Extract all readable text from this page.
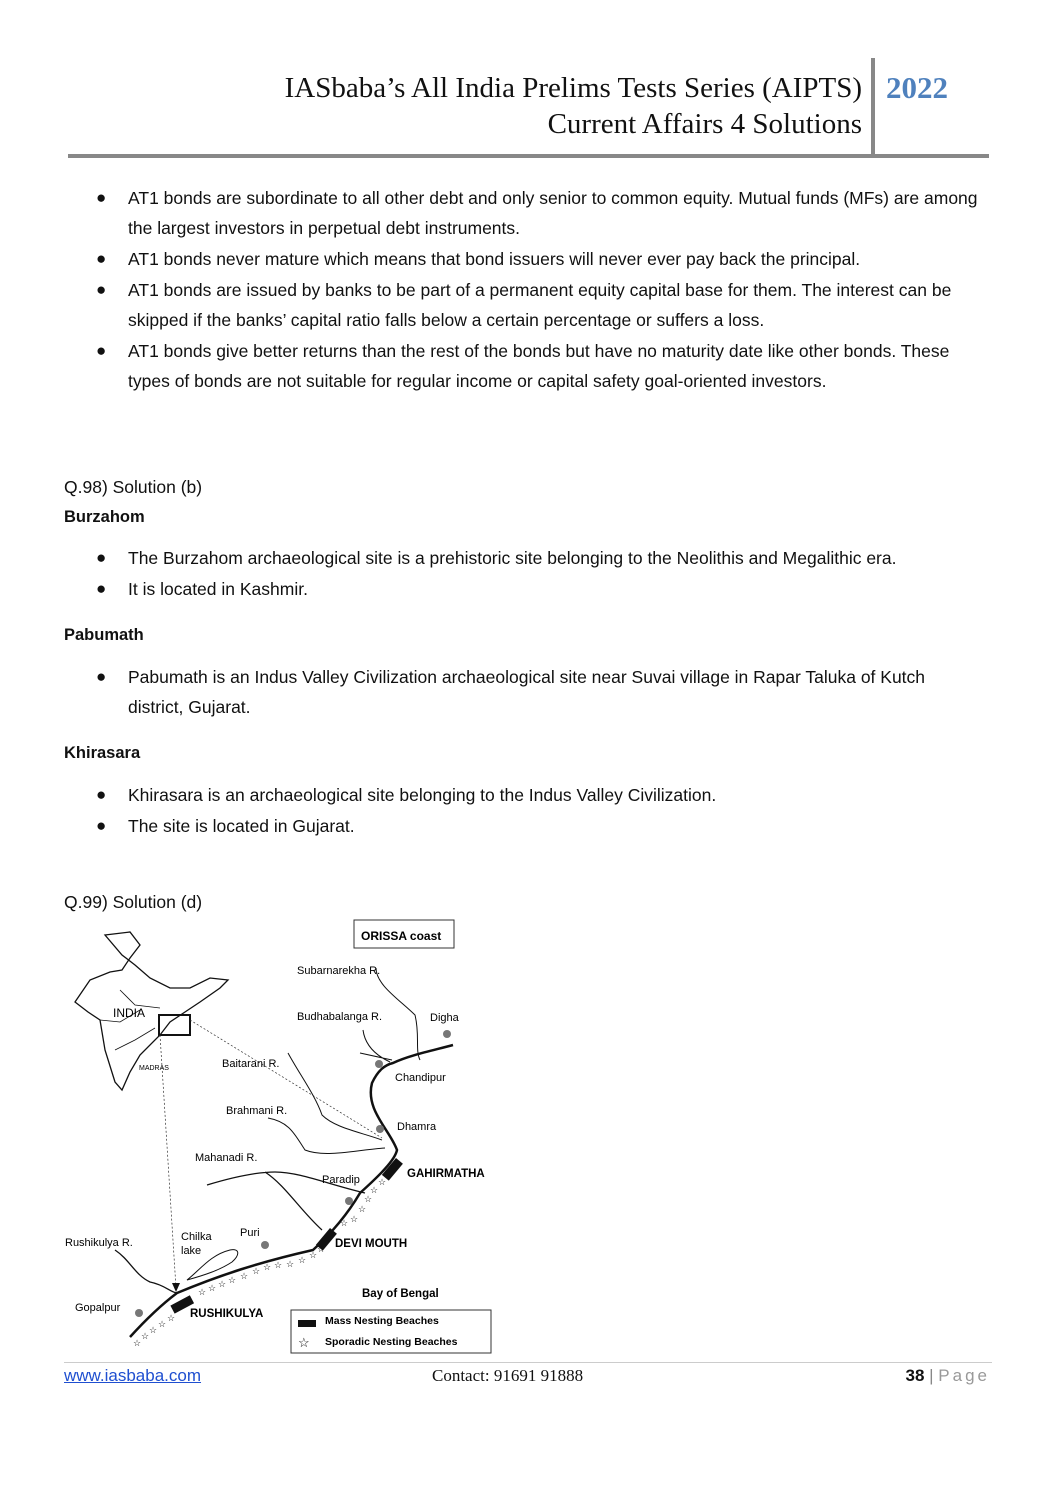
IASbaba’s All India Prelims Tests Series (AIPTS)
Current Affairs 4 Solutions
2022
● AT1 bonds are subordinate to all other debt and only senior to common equity. Mutual funds (MFs) are among the largest investors in perpetual debt instruments.
● AT1 bonds never mature which means that bond issuers will never ever pay back the principal.
● AT1 bonds are issued by banks to be part of a permanent equity capital base for them. The interest can be skipped if the banks’ capital ratio falls below a certain percentage or suffers a loss.
● AT1 bonds give better returns than the rest of the bonds but have no maturity date like other bonds. These types of bonds are not suitable for regular income or capital safety goal-oriented investors.
Q.98) Solution (b)
Burzahom
● The Burzahom archaeological site is a prehistoric site belonging to the Neolithis and Megalithic era.
● It is located in Kashmir.
Pabumath
● Pabumath is an Indus Valley Civilization archaeological site near Suvai village in Rapar Taluka of Kutch district, Gujarat.
Khirasara
● Khirasara is an archaeological site belonging to the Indus Valley Civilization.
● The site is located in Gujarat.
Q.99) Solution (d)
INDIA
MADRAS
ORISSA coast
☆
☆
☆
☆
☆
☆ ☆ ☆ ☆ ☆ ☆ ☆ ☆ ☆ ☆ ☆
☆
☆ ☆
☆
☆
☆
☆
Subarnarekha R.
Budhabalanga R.
Baitarani R.
Brahmani R.
Mahanadi R.
Rushikulya R.
Digha
Chandipur
Dhamra
Paradip
Puri
Gopalpur
Chilka
lake
GAHIRMATHA
DEVI MOUTH
RUSHIKULYA
Bay of Bengal
☆
Mass Nesting Beaches
Sporadic Nesting Beaches
www.iasbaba.com	Contact: 91691 91888	38 | Page
